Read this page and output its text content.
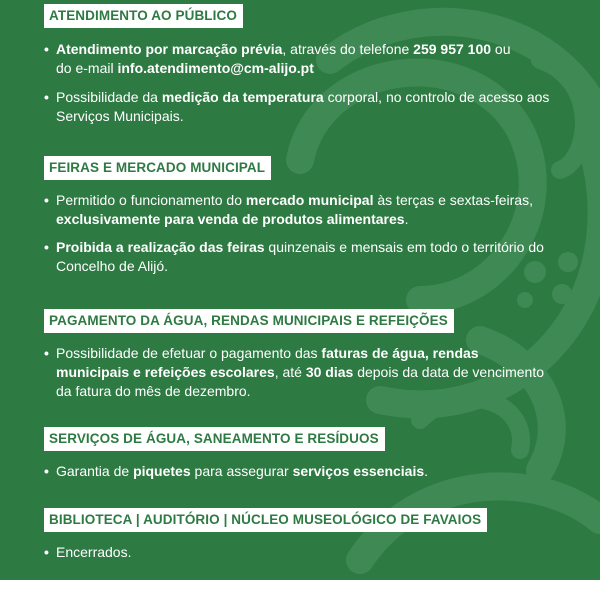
ATENDIMENTO AO PÚBLICO
• Atendimento por marcação prévia, através do telefone 259 957 100 ou
do e-mail info.atendimento@cm-alijo.pt
• Possibilidade da medição da temperatura corporal, no controlo de acesso aos
Serviços Municipais.
FEIRAS E MERCADO MUNICIPAL
• Permitido o funcionamento do mercado municipal às terças e sextas-feiras,
exclusivamente para venda de produtos alimentares.
• Proibida a realização das feiras quinzenais e mensais em todo o território do
Concelho de Alijó.
PAGAMENTO DA ÁGUA, RENDAS MUNICIPAIS E REFEIÇÕES
• Possibilidade de efetuar o pagamento das faturas de água, rendas
municipais e refeições escolares, até 30 dias depois da data de vencimento
da fatura do mês de dezembro.
SERVIÇOS DE ÁGUA, SANEAMENTO E RESÍDUOS
• Garantia de piquetes para assegurar serviços essenciais.
BIBLIOTECA | AUDITÓRIO | NÚCLEO MUSEOLÓGICO DE FAVAIOS
• Encerrados.
